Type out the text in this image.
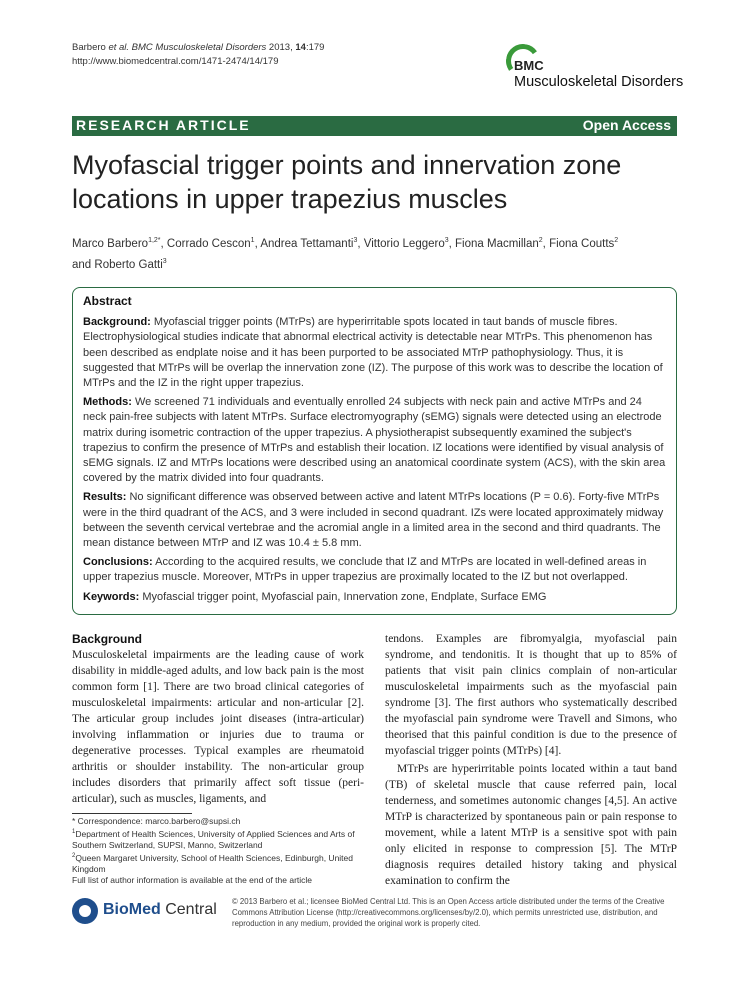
Barbero et al. BMC Musculoskeletal Disorders 2013, 14:179
http://www.biomedcentral.com/1471-2474/14/179	BMC
Musculoskeletal Disorders
RESEARCH ARTICLE	Open Access
Myofascial trigger points and innervation zone locations in upper trapezius muscles
Marco Barbero$^{1,2*}$, Corrado Cescon$^1$, Andrea Tettamanti$^3$, Vittorio Leggero$^3$, Fiona Macmillan$^2$, Fiona Coutts$^2$
and Roberto Gatti$^3$
Abstract

Background: Myofascial trigger points (MTrPs) are hyperirritable spots located in taut bands of muscle fibres. Electrophysiological studies indicate that abnormal electrical activity is detectable near MTrPs. This phenomenon has been described as endplate noise and it has been purported to be associated MTrP pathophysiology. Thus, it is suggested that MTrPs will be overlap the innervation zone (IZ). The purpose of this work was to describe the location of MTrPs and the IZ in the right upper trapezius.

Methods: We screened 71 individuals and eventually enrolled 24 subjects with neck pain and active MTrPs and 24 neck pain-free subjects with latent MTrPs. Surface electromyography (sEMG) signals were detected using an electrode matrix during isometric contraction of the upper trapezius. A physiotherapist subsequently examined the subject's trapezius to confirm the presence of MTrPs and establish their location. IZ locations were identified by visual analysis of sEMG signals. IZ and MTrPs locations were described using an anatomical coordinate system (ACS), with the skin area covered by the matrix divided into four quadrants.

Results: No significant difference was observed between active and latent MTrPs locations (P = 0.6). Forty-five MTrPs were in the third quadrant of the ACS, and 3 were included in second quadrant. IZs were located approximately midway between the seventh cervical vertebrae and the acromial angle in a limited area in the second and third quadrants. The mean distance between MTrP and IZ was 10.4 ± 5.8 mm.

Conclusions: According to the acquired results, we conclude that IZ and MTrPs are located in well-defined areas in upper trapezius muscle. Moreover, MTrPs in upper trapezius are proximally located to the IZ but not overlapped.

Keywords: Myofascial trigger point, Myofascial pain, Innervation zone, Endplate, Surface EMG

Background

Musculoskeletal impairments are the leading cause of work disability in middle-aged adults, and low back pain is the most common form [1]. There are two broad clinical categories of musculoskeletal impairments: articular and non-articular [2]. The articular group includes joint diseases (intra-articular) involving inflammation or injuries due to trauma or degenerative processes. Typical examples are rheumatoid arthritis or shoulder instability. The non-articular group includes disorders that primarily affect soft tissue (peri-articular), such as muscles, ligaments, and

tendons. Examples are fibromyalgia, myofascial pain syndrome, and tendonitis. It is thought that up to 85% of patients that visit pain clinics complain of non-articular musculoskeletal impairments such as the myofascial pain syndrome [3]. The first authors who systematically described the myofascial pain syndrome were Travell and Simons, who theorised that this painful condition is due to the presence of myofascial trigger points (MTrPs) [4].

MTrPs are hyperirritable points located within a taut band (TB) of skeletal muscle that cause referred pain, local tenderness, and sometimes autonomic changes [4,5]. An active MTrP is characterized by spontaneous pain or pain response to movement, while a latent MTrP is a sensitive spot with pain only elicited in response to compression [5]. The MTrP diagnosis requires detailed history taking and physical examination to confirm the

* Correspondence: marco.barbero@supsi.ch

$^1$Department of Health Sciences, University of Applied Sciences and Arts of Southern Switzerland, SUPSI, Manno, Switzerland

$^2$Queen Margaret University, School of Health Sciences, Edinburgh, United Kingdom

Full list of author information is available at the end of the article

BioMed Central © 2013 Barbero et al.; licensee BioMed Central Ltd. This is an Open Access article distributed under the terms of the Creative Commons Attribution License (http://creativecommons.org/licenses/by/2.0), which permits unrestricted use, distribution, and reproduction in any medium, provided the original work is properly cited.
